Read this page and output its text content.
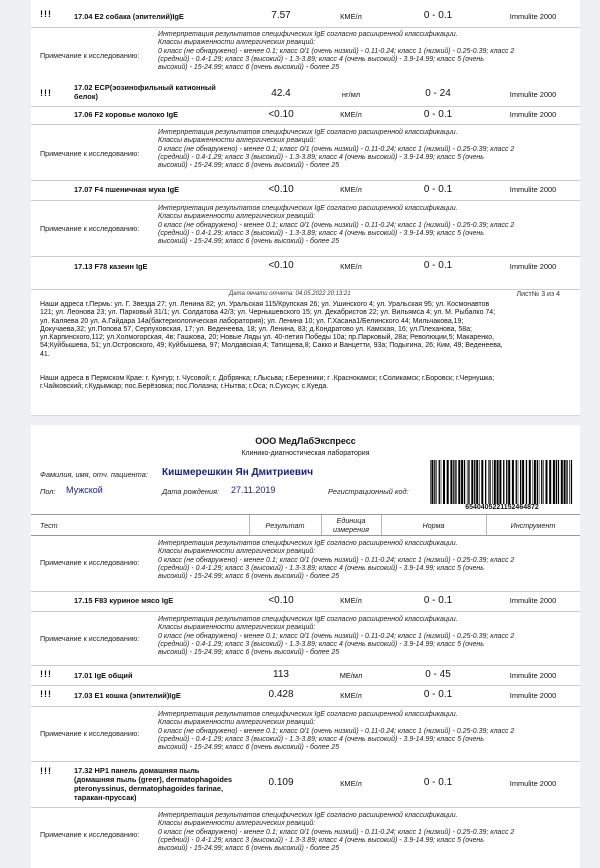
!!!	17.04 E2 собака (эпителий)IgE	7.57	КМЕ/л	0 - 0.1	Immulite 2000
Примечание к исследованию:
Интерпретация результатов специфических IgE согласно расширенной классификации.
Классы выраженности аллергических реакций:
0 класс (не обнаружено) - менее 0.1; класс 0/1 (очень низкий) - 0.11-0.24; класс 1 (низкий) - 0.25-0.39; класс 2
(средний) - 0.4-1.29; класс 3 (высокий) - 1.3-3.89; класс 4 (очень высокий) - 3.9-14.99; класс 5 (очень
высокий) - 15-24.99; класс 6 (очень высокий) - более 25
!!!
17.02 ECP(эозинофильный катионный белок)	42.4	нг/мл	0 - 24	Immulite 2000
17.06 F2 коровье молоко IgE	<0.10	КМЕ/л	0 - 0.1	Immulite 2000
Примечание к исследованию:
Интерпретация результатов специфических IgE согласно расширенной классификации.
Классы выраженности аллергических реакций:
0 класс (не обнаружено) - менее 0.1; класс 0/1 (очень низкий) - 0.11-0.24; класс 1 (низкий) - 0.25-0.39; класс 2
(средний) - 0.4-1.29; класс 3 (высокий) - 1.3-3.89; класс 4 (очень высокий) - 3.9-14.99; класс 5 (очень
высокий) - 15-24.99; класс 6 (очень высокий) - более 25
17.07 F4 пшеничная мука IgE	<0.10	КМЕ/л	0 - 0.1	Immulite 2000
Примечание к исследованию:
Интерпретация результатов специфических IgE согласно расширенной классификации.
Классы выраженности аллергических реакций:
0 класс (не обнаружено) - менее 0.1; класс 0/1 (очень низкий) - 0.11-0.24; класс 1 (низкий) - 0.25-0.39; класс 2
(средний) - 0.4-1.29; класс 3 (высокий) - 1.3-3.89; класс 4 (очень высокий) - 3.9-14.99; класс 5 (очень
высокий) - 15-24.99; класс 6 (очень высокий) - более 25
17.13 F78 казеин IgE	<0.10	КМЕ/л	0 - 0.1	Immulite 2000
Дата печати отчета: 04.05.2022 20:13:21	Лист№ 3 из 4
Наши адреса г.Пермь: ул. Г. Звезда 27; ул. Ленина 82; ул. Уральская 115/Крупская 26; ул. Ушинского 4; ул. Уральская 95; ул. Космонавтов
121; ул. Леонова 23; ул. Парковый 31/1; ул. Солдатова 42/3; ул. Чернышевского 15; ул. Декабристов 22; ул. Вильямса 4; ул. М. Рыбалко 74;
ул. Каляева 20 ул. А.Гайдара 14а(бактериологическая лаборатория); ул. Ленина 10; ул. Г.Хасана1/Белинского 44; Мильчакова,19;
Докучаева,32; ул.Попова 57, Серпуховская, 17; ул. Веденеева, 18; ул. Ленина, 83; д.Кондратово ул. Камская, 16; ул.Плеханова, 58а;
ул.Карпинского,112; ул.Холмогорская, 4в; Гашкова, 20; Новые Ляды ул. 40-летия Победы 10а; пр.Парковый, 28а; Революции,5; Макаренко,
54;Куйбышева, 51; ул.Островского, 49; Куйбышева, 97; Молдавская,4; Татищева,8; Сакко и Ванцетти, 93а; Подыгина, 26; Ким, 49; Веденеева,
41.
Наши адреса в Пермском Крае: г. Кунгур; г. Чусовой; г. Добрянка; г.Лысьва; г.Березники; г .Краснокамск; г.Соликамск; г.Боровск; г.Чернушка;
г.Чайковский; г.Кудымкар; пос.Берёзовка; пос.Полазна; г.Нытва; г.Оса; п.Суксун; с.Куеда.
ООО МедЛабЭкспресс
Клинико-диагностическая лаборатория
Фамилия, имя, отч. пациента: Кишмерешкин Ян Дмитриевич
Пол: Мужской	Дата рождения: 27.11.2019	Регистрационный код:
6540405221152464872
Тест	Результат
Единица
измерения	Норма	Инструмент
Примечание к исследованию:
Интерпретация результатов специфических IgE согласно расширенной классификации.
Классы выраженности аллергических реакций:
0 класс (не обнаружено) - менее 0.1; класс 0/1 (очень низкий) - 0.11-0.24; класс 1 (низкий) - 0.25-0.39; класс 2
(средний) - 0.4-1.29; класс 3 (высокий) - 1.3-3.89; класс 4 (очень высокий) - 3.9-14.99; класс 5 (очень
высокий) - 15-24.99; класс 6 (очень высокий) - более 25
17.15 F83 куриное мясо IgE	<0.10	КМЕ/л	0 - 0.1	Immulite 2000
Примечание к исследованию:
Интерпретация результатов специфических IgE согласно расширенной классификации.
Классы выраженности аллергических реакций:
0 класс (не обнаружено) - менее 0.1; класс 0/1 (очень низкий) - 0.11-0.24; класс 1 (низкий) - 0.25-0.39; класс 2
(средний) - 0.4-1.29; класс 3 (высокий) - 1.3-3.89; класс 4 (очень высокий) - 3.9-14.99; класс 5 (очень
высокий) - 15-24.99; класс 6 (очень высокий) - более 25
!!!	17.01 IgE общий	113	МЕ/мл	0 - 45	Immulite 2000
!!!	17.03 E1 кошка (эпителий)IgE	0.428	КМЕ/л	0 - 0.1	Immulite 2000
Примечание к исследованию:
Интерпретация результатов специфических IgE согласно расширенной классификации.
Классы выраженности аллергических реакций:
0 класс (не обнаружено) - менее 0.1; класс 0/1 (очень низкий) - 0.11-0.24; класс 1 (низкий) - 0.25-0.39; класс 2
(средний) - 0.4-1.29; класс 3 (высокий) - 1.3-3.89; класс 4 (очень высокий) - 3.9-14.99; класс 5 (очень
высокий) - 15-24.99; класс 6 (очень высокий) - более 25
!!!	17.32 HP1 панель домашняя пыль
(домашняя пыль (greer), dermatophagoides
pteronyssinus, dermatophagoides farinae,
таракан-пруссак)
0.109	КМЕ/л	0 - 0.1	Immulite 2000
Примечание к исследованию:
Интерпретация результатов специфических IgE согласно расширенной классификации.
Классы выраженности аллергических реакций:
0 класс (не обнаружено) - менее 0.1; класс 0/1 (очень низкий) - 0.11-0.24; класс 1 (низкий) - 0.25-0.39; класс 2
(средний) - 0.4-1.29; класс 3 (высокий) - 1.3-3.89; класс 4 (очень высокий) - 3.9-14.99; класс 5 (очень
высокий) - 15-24.99; класс 6 (очень высокий) - более 25
